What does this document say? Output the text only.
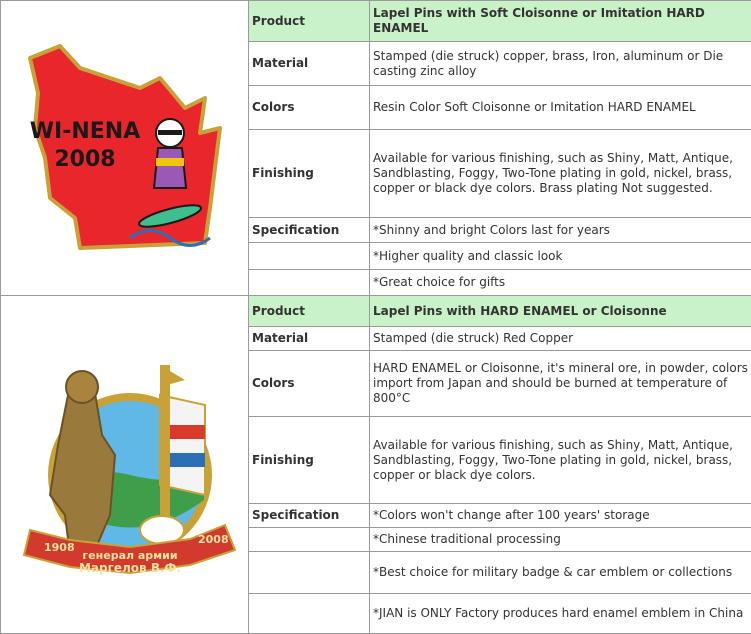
WI-NENA
2008	Product	Lapel Pins with Soft Cloisonne or Imitation HARD ENAMEL
	Material	Stamped (die struck) copper, brass, Iron, aluminum or Die casting zinc alloy
	Colors	Resin Color Soft Cloisonne or Imitation HARD ENAMEL
	Finishing	Available for various finishing, such as Shiny, Matt, Antique, Sandblasting, Foggy, Two-Tone plating in gold, nickel, brass, copper or black dye colors. Brass plating Not suggested.
	Specification	*Shinny and bright Colors last for years
		*Higher quality and classic look
		*Great choice for gifts

1908
2008
генерал армии
Маргелов В.Ф.	Product	Lapel Pins with HARD ENAMEL or Cloisonne
	Material	Stamped (die struck) Red Copper
	Colors	HARD ENAMEL or Cloisonne, it's mineral ore, in powder, colors import from Japan and should be burned at temperature of 800°C
	Finishing	Available for various finishing, such as Shiny, Matt, Antique, Sandblasting, Foggy, Two-Tone plating in gold, nickel, brass, copper or black dye colors.
	Specification	*Colors won't change after 100 years' storage
		*Chinese traditional processing
		*Best choice for military badge & car emblem or collections
		*JIAN is ONLY Factory produces hard enamel emblem in China
